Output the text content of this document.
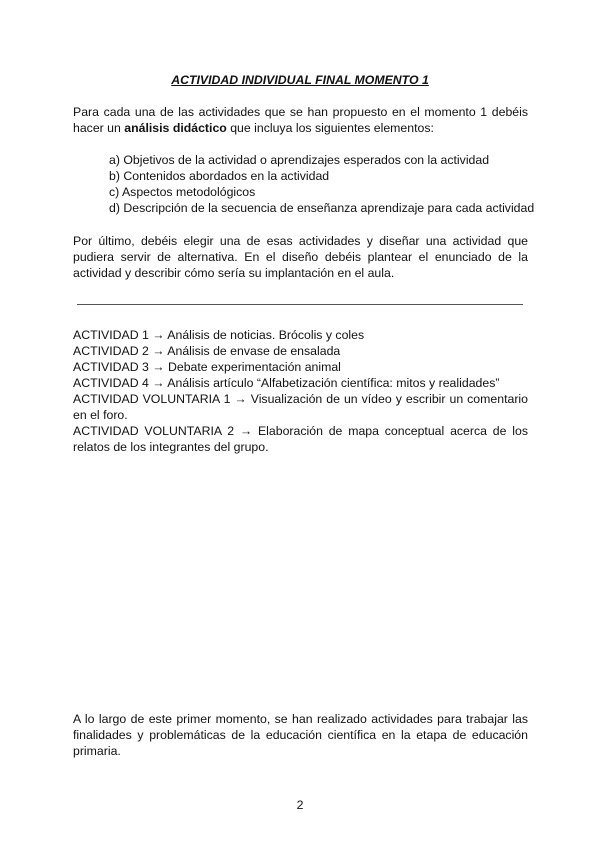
ACTIVIDAD INDIVIDUAL FINAL MOMENTO 1

Para cada una de las actividades que se han propuesto en el momento 1 debéis hacer un análisis didáctico que incluya los siguientes elementos:

a) Objetivos de la actividad o aprendizajes esperados con la actividad
b) Contenidos abordados en la actividad
c) Aspectos metodológicos
d) Descripción de la secuencia de enseñanza aprendizaje para cada actividad

Por último, debéis elegir una de esas actividades y diseñar una actividad que pudiera servir de alternativa. En el diseño debéis plantear el enunciado de la actividad y describir cómo sería su implantación en el aula.

ACTIVIDAD 1 → Análisis de noticias. Brócolis y coles
ACTIVIDAD 2 → Análisis de envase de ensalada
ACTIVIDAD 3 → Debate experimentación animal
ACTIVIDAD 4 → Análisis artículo “Alfabetización científica: mitos y realidades”
ACTIVIDAD VOLUNTARIA 1 → Visualización de un vídeo y escribir un comentario en el foro.
ACTIVIDAD VOLUNTARIA 2 → Elaboración de mapa conceptual acerca de los relatos de los integrantes del grupo.

A lo largo de este primer momento, se han realizado actividades para trabajar las finalidades y problemáticas de la educación científica en la etapa de educación primaria.

2
